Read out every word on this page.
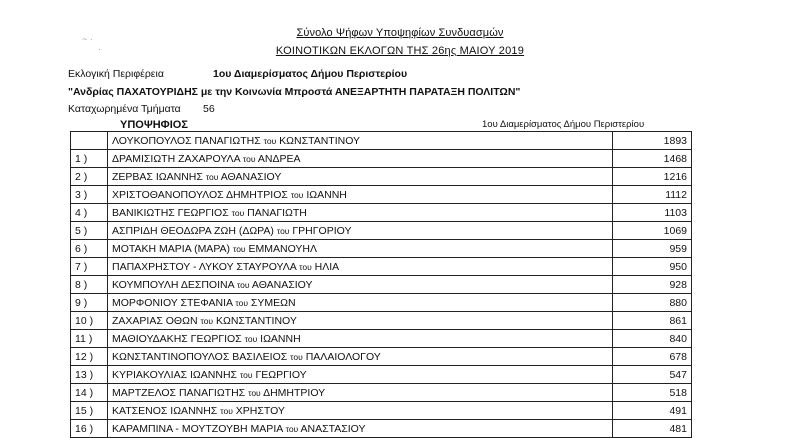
~ ·
·
Σύνολο Ψήφων Υποψηφίων Συνδυασμών
ΚΟΙΝΟΤΙΚΩΝ ΕΚΛΟΓΩΝ ΤΗΣ 26ης ΜΑΙΟΥ 2019
Εκλογική Περιφέρεια	1ου Διαμερίσματος Δήμου Περιστερίου
"Ανδρίας ΠΑΧΑΤΟΥΡΙΔΗΣ με την Κοινωνία Μπροστά ΑΝΕΞΑΡΤΗΤΗ ΠΑΡΑΤΑΞΗ ΠΟΛΙΤΩΝ"
Καταχωρημένα Τμήματα 56
ΥΠΟΨΗΦΙΟΣ	1ου Διαμερίσματος Δήμου Περιστερίου
	ΛΟΥΚΟΠΟΥΛΟΣ ΠΑΝΑΓΙΩΤΗΣ του ΚΩΝΣΤΑΝΤΙΝΟΥ	1893
1 )	ΔΡΑΜΙΣΙΩΤΗ ΖΑΧΑΡΟΥΛΑ του ΑΝΔΡΕΑ	1468
2 )	ΖΕΡΒΑΣ ΙΩΑΝΝΗΣ του ΑΘΑΝΑΣΙΟΥ	1216
3 )	ΧΡΙΣΤΟΘΑΝΟΠΟΥΛΟΣ ΔΗΜΗΤΡΙΟΣ του ΙΩΑΝΝΗ	1112
4 )	ΒΑΝΙΚΙΩΤΗΣ ΓΕΩΡΓΙΟΣ του ΠΑΝΑΓΙΩΤΗ	1103
5 )	ΑΣΠΡΙΔΗ ΘΕΟΔΩΡΑ ΖΩΗ (ΔΩΡΑ) του ΓΡΗΓΟΡΙΟΥ	1069
6 )	ΜΟΤΑΚΗ ΜΑΡΙΑ (ΜΑΡΑ) του ΕΜΜΑΝΟΥΗΛ	959
7 )	ΠΑΠΑΧΡΗΣΤΟΥ - ΛΥΚΟΥ ΣΤΑΥΡΟΥΛΑ του ΗΛΙΑ	950
8 )	ΚΟΥΜΠΟΥΛΗ ΔΕΣΠΟΙΝΑ του ΑΘΑΝΑΣΙΟΥ	928
9 )	ΜΟΡΦΟΝΙΟΥ ΣΤΕΦΑΝΙΑ του ΣΥΜΕΩΝ	880
10 )	ΖΑΧΑΡΙΑΣ ΟΘΩΝ του ΚΩΝΣΤΑΝΤΙΝΟΥ	861
11 )	ΜΑΘΙΟΥΔΑΚΗΣ ΓΕΩΡΓΙΟΣ του ΙΩΑΝΝΗ	840
12 )	ΚΩΝΣΤΑΝΤΙΝΟΠΟΥΛΟΣ ΒΑΣΙΛΕΙΟΣ του ΠΑΛΑΙΟΛΟΓΟΥ	678
13 )	ΚΥΡΙΑΚΟΥΛΙΑΣ ΙΩΑΝΝΗΣ του ΓΕΩΡΓΙΟΥ	547
14 )	ΜΑΡΤΖΕΛΟΣ ΠΑΝΑΓΙΩΤΗΣ του ΔΗΜΗΤΡΙΟΥ	518
15 )	ΚΑΤΣΕΝΟΣ ΙΩΑΝΝΗΣ του ΧΡΗΣΤΟΥ	491
16 )	ΚΑΡΑΜΠΙΝΑ - ΜΟΥΤΖΟΥΒΗ ΜΑΡΙΑ του ΑΝΑΣΤΑΣΙΟΥ	481
